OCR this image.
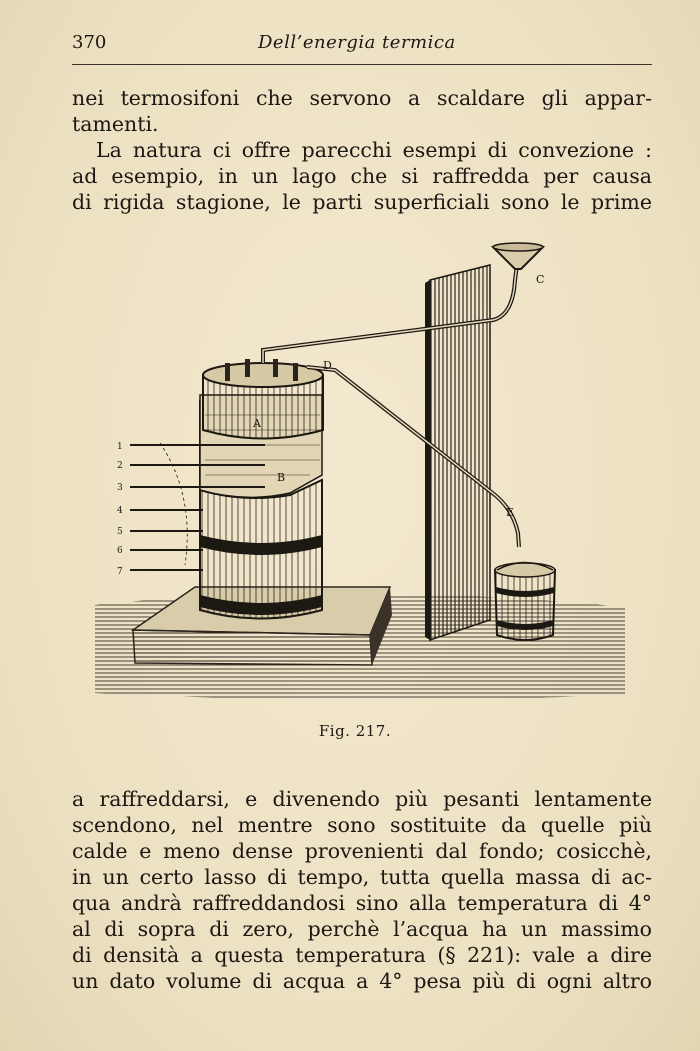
370	Dell’energia termica
nei termosifoni che servono a scaldare gli appar-
tamenti.
La natura ci offre parecchi esempi di convezione :
ad esempio, in un lago che si raffredda per causa
di rigida stagione, le parti superficiali sono le prime
A
B
C
D
E
1
2
3
4
5
6
7
Fig. 217.
a raffreddarsi, e divenendo più pesanti lentamente
scendono, nel mentre sono sostituite da quelle più
calde e meno dense provenienti dal fondo; cosicchè,
in un certo lasso di tempo, tutta quella massa di ac-
qua andrà raffreddandosi sino alla temperatura di 4°
al di sopra di zero, perchè l’acqua ha un massimo
di densità a questa temperatura (§ 221): vale a dire
un dato volume di acqua a 4° pesa più di ogni altro
